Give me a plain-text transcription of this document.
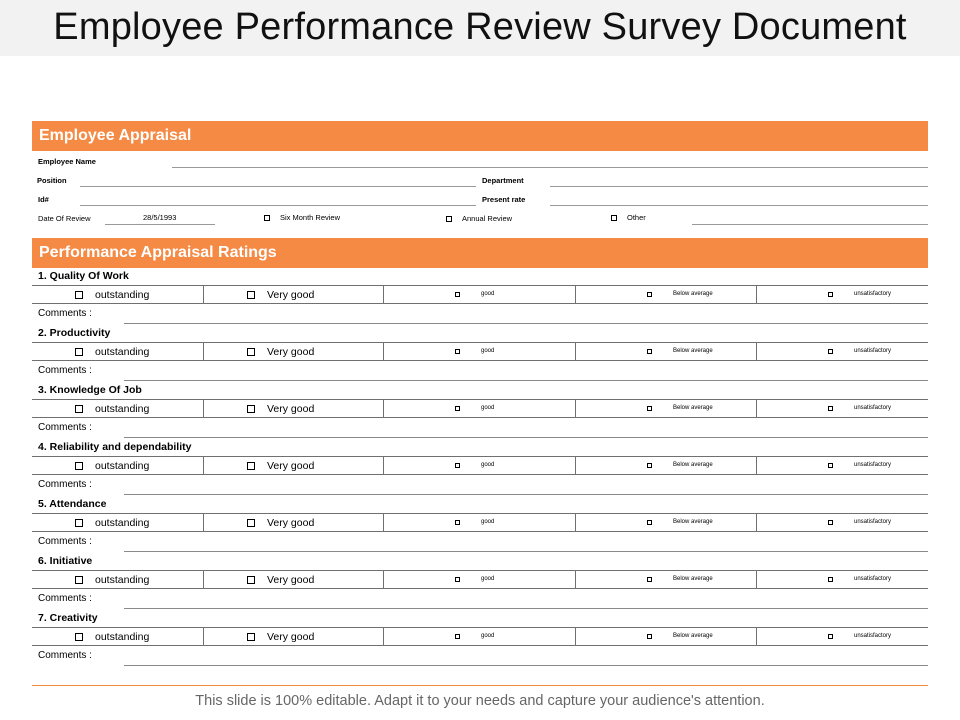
Employee Performance Review Survey Document
Employee Appraisal
Employee Name
Position	Department
Id#	Present rate
Date Of Review	28/5/1993	Six Month Review	Annual Review	Other
Performance Appraisal Ratings
1. Quality Of Work
outstanding	Very good	good	Below average	unsatisfactory
Comments :
2. Productivity
outstanding	Very good	good	Below average	unsatisfactory
Comments :
3. Knowledge Of Job
outstanding	Very good	good	Below average	unsatisfactory
Comments :
4. Reliability and dependability
outstanding	Very good	good	Below average	unsatisfactory
Comments :
5. Attendance
outstanding	Very good	good	Below average	unsatisfactory
Comments :
6. Initiative
outstanding	Very good	good	Below average	unsatisfactory
Comments :
7. Creativity
outstanding	Very good	good	Below average	unsatisfactory
Comments :
This slide is 100% editable. Adapt it to your needs and capture your audience's attention.
